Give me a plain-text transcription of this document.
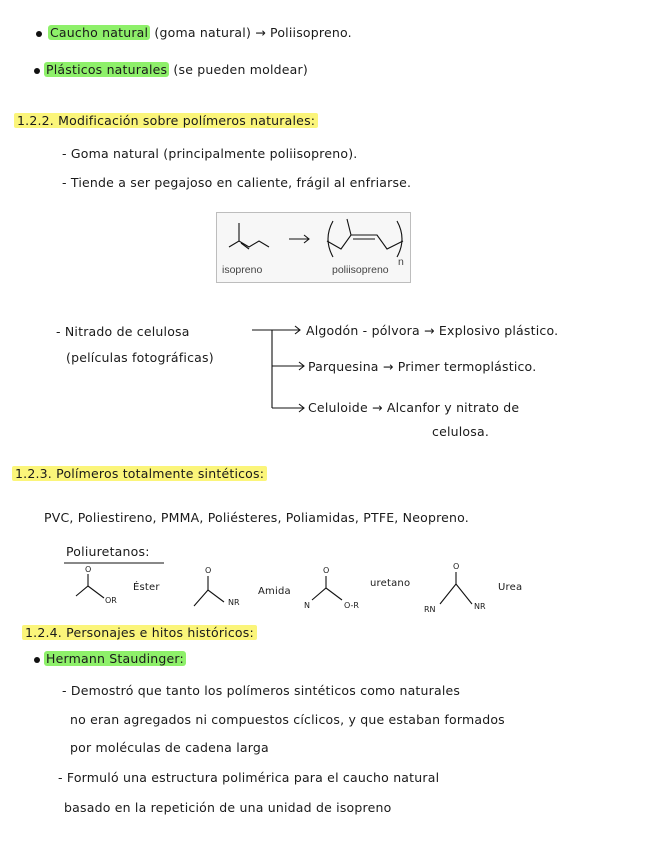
Caucho natural (goma natural) → Poliisopreno.
Plásticos naturales (se pueden moldear)
1.2.2. Modificación sobre polímeros naturales:
- Goma natural (principalmente poliisopreno).
- Tiende a ser pegajoso en caliente, frágil al enfriarse.
isopreno	poliisopreno
n
- Nitrado de celulosa
(películas fotográficas)
Algodón - pólvora → Explosivo plástico.
Parquesina → Primer termoplástico.
Celuloide → Alcanfor y nitrato de
celulosa.
1.2.3. Polímeros totalmente sintéticos:
PVC, Poliestireno, PMMA, Poliésteres, Poliamidas, PTFE, Neopreno.
Poliuretanos:
O
OR
Éster
O
NR
Amida
O
N	O-R
uretano
O
RN	NR
Urea
1.2.4. Personajes e hitos históricos:
Hermann Staudinger:
- Demostró que tanto los polímeros sintéticos como naturales
no eran agregados ni compuestos cíclicos, y que estaban formados
por moléculas de cadena larga
- Formuló una estructura polimérica para el caucho natural
basado en la repetición de una unidad de isopreno
